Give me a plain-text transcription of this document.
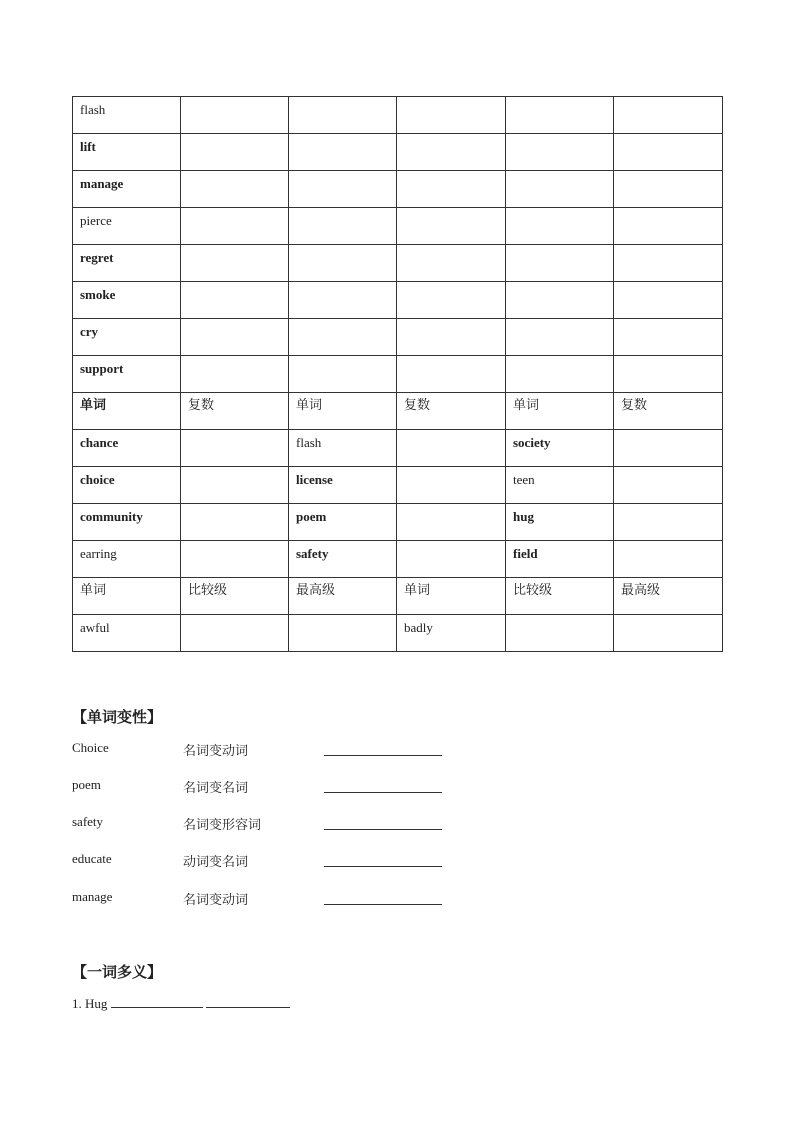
flash					
lift					
manage					
pierce					
regret					
smoke					
cry					
support					
单词	复数	单词	复数	单词	复数
chance		flash		society	
choice		license		teen	
community		poem		hug	
earring		safety		field	
单词	比较级	最高级	单词	比较级	最高级
awful			badly		
【单词变性】
Choice	名词变动词
poem	名词变名词
safety	名词变形容词
educate	动词变名词
manage	名词变动词
【一词多义】
1. Hug
